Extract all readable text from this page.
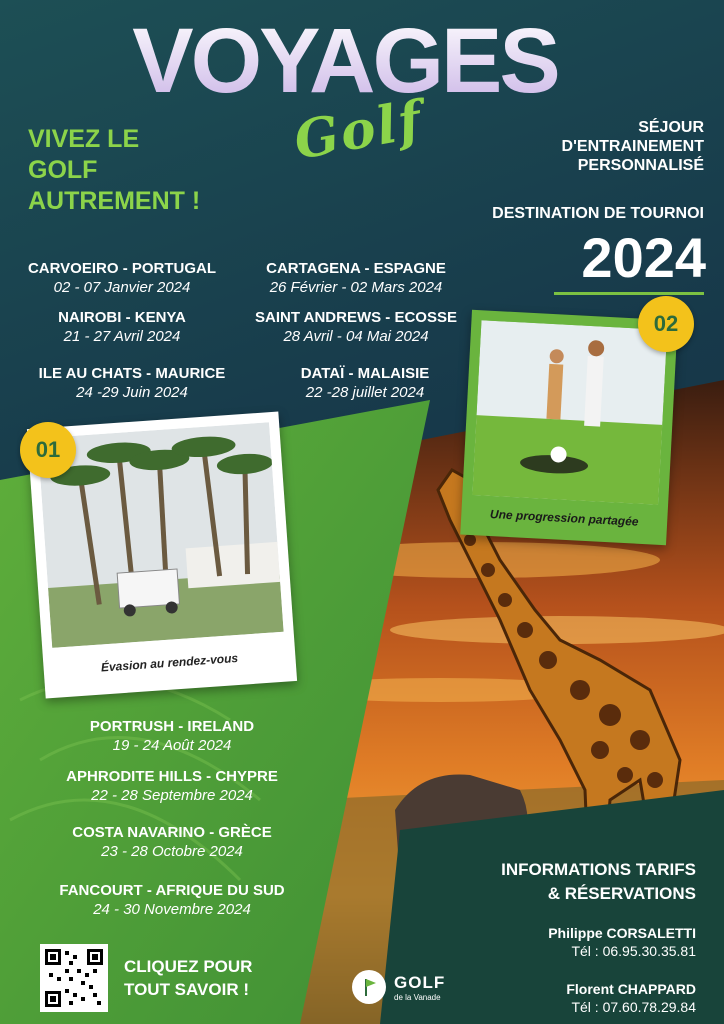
VOYAGES
Golf
VIVEZ LE
GOLF
AUTREMENT !
SÉJOUR
D'ENTRAINEMENT
PERSONNALISÉ
DESTINATION DE TOURNOI
2024
CARVOEIRO - PORTUGAL
02 - 07 Janvier 2024
CARTAGENA - ESPAGNE
26 Février - 02 Mars 2024
NAIROBI - KENYA
21 - 27 Avril 2024
SAINT ANDREWS - ECOSSE
28 Avril - 04 Mai 2024
ILE AU CHATS - MAURICE
24 -29 Juin 2024
DATAÏ - MALAISIE
22 -28 juillet 2024
Évasion au rendez-vous
01
Une progression partagée
02
PORTRUSH - IRELAND
19 - 24 Août 2024
APHRODITE HILLS - CHYPRE
22 - 28 Septembre 2024
COSTA NAVARINO - GRÈCE
23 - 28 Octobre 2024
FANCOURT - AFRIQUE DU SUD
24 - 30 Novembre 2024
CLIQUEZ POUR
TOUT SAVOIR !	GOLF
de la Vanade
INFORMATIONS TARIFS
& RÉSERVATIONS
Philippe CORSALETTI
Tél : 06.95.30.35.81
Florent CHAPPARD
Tél : 07.60.78.29.84
